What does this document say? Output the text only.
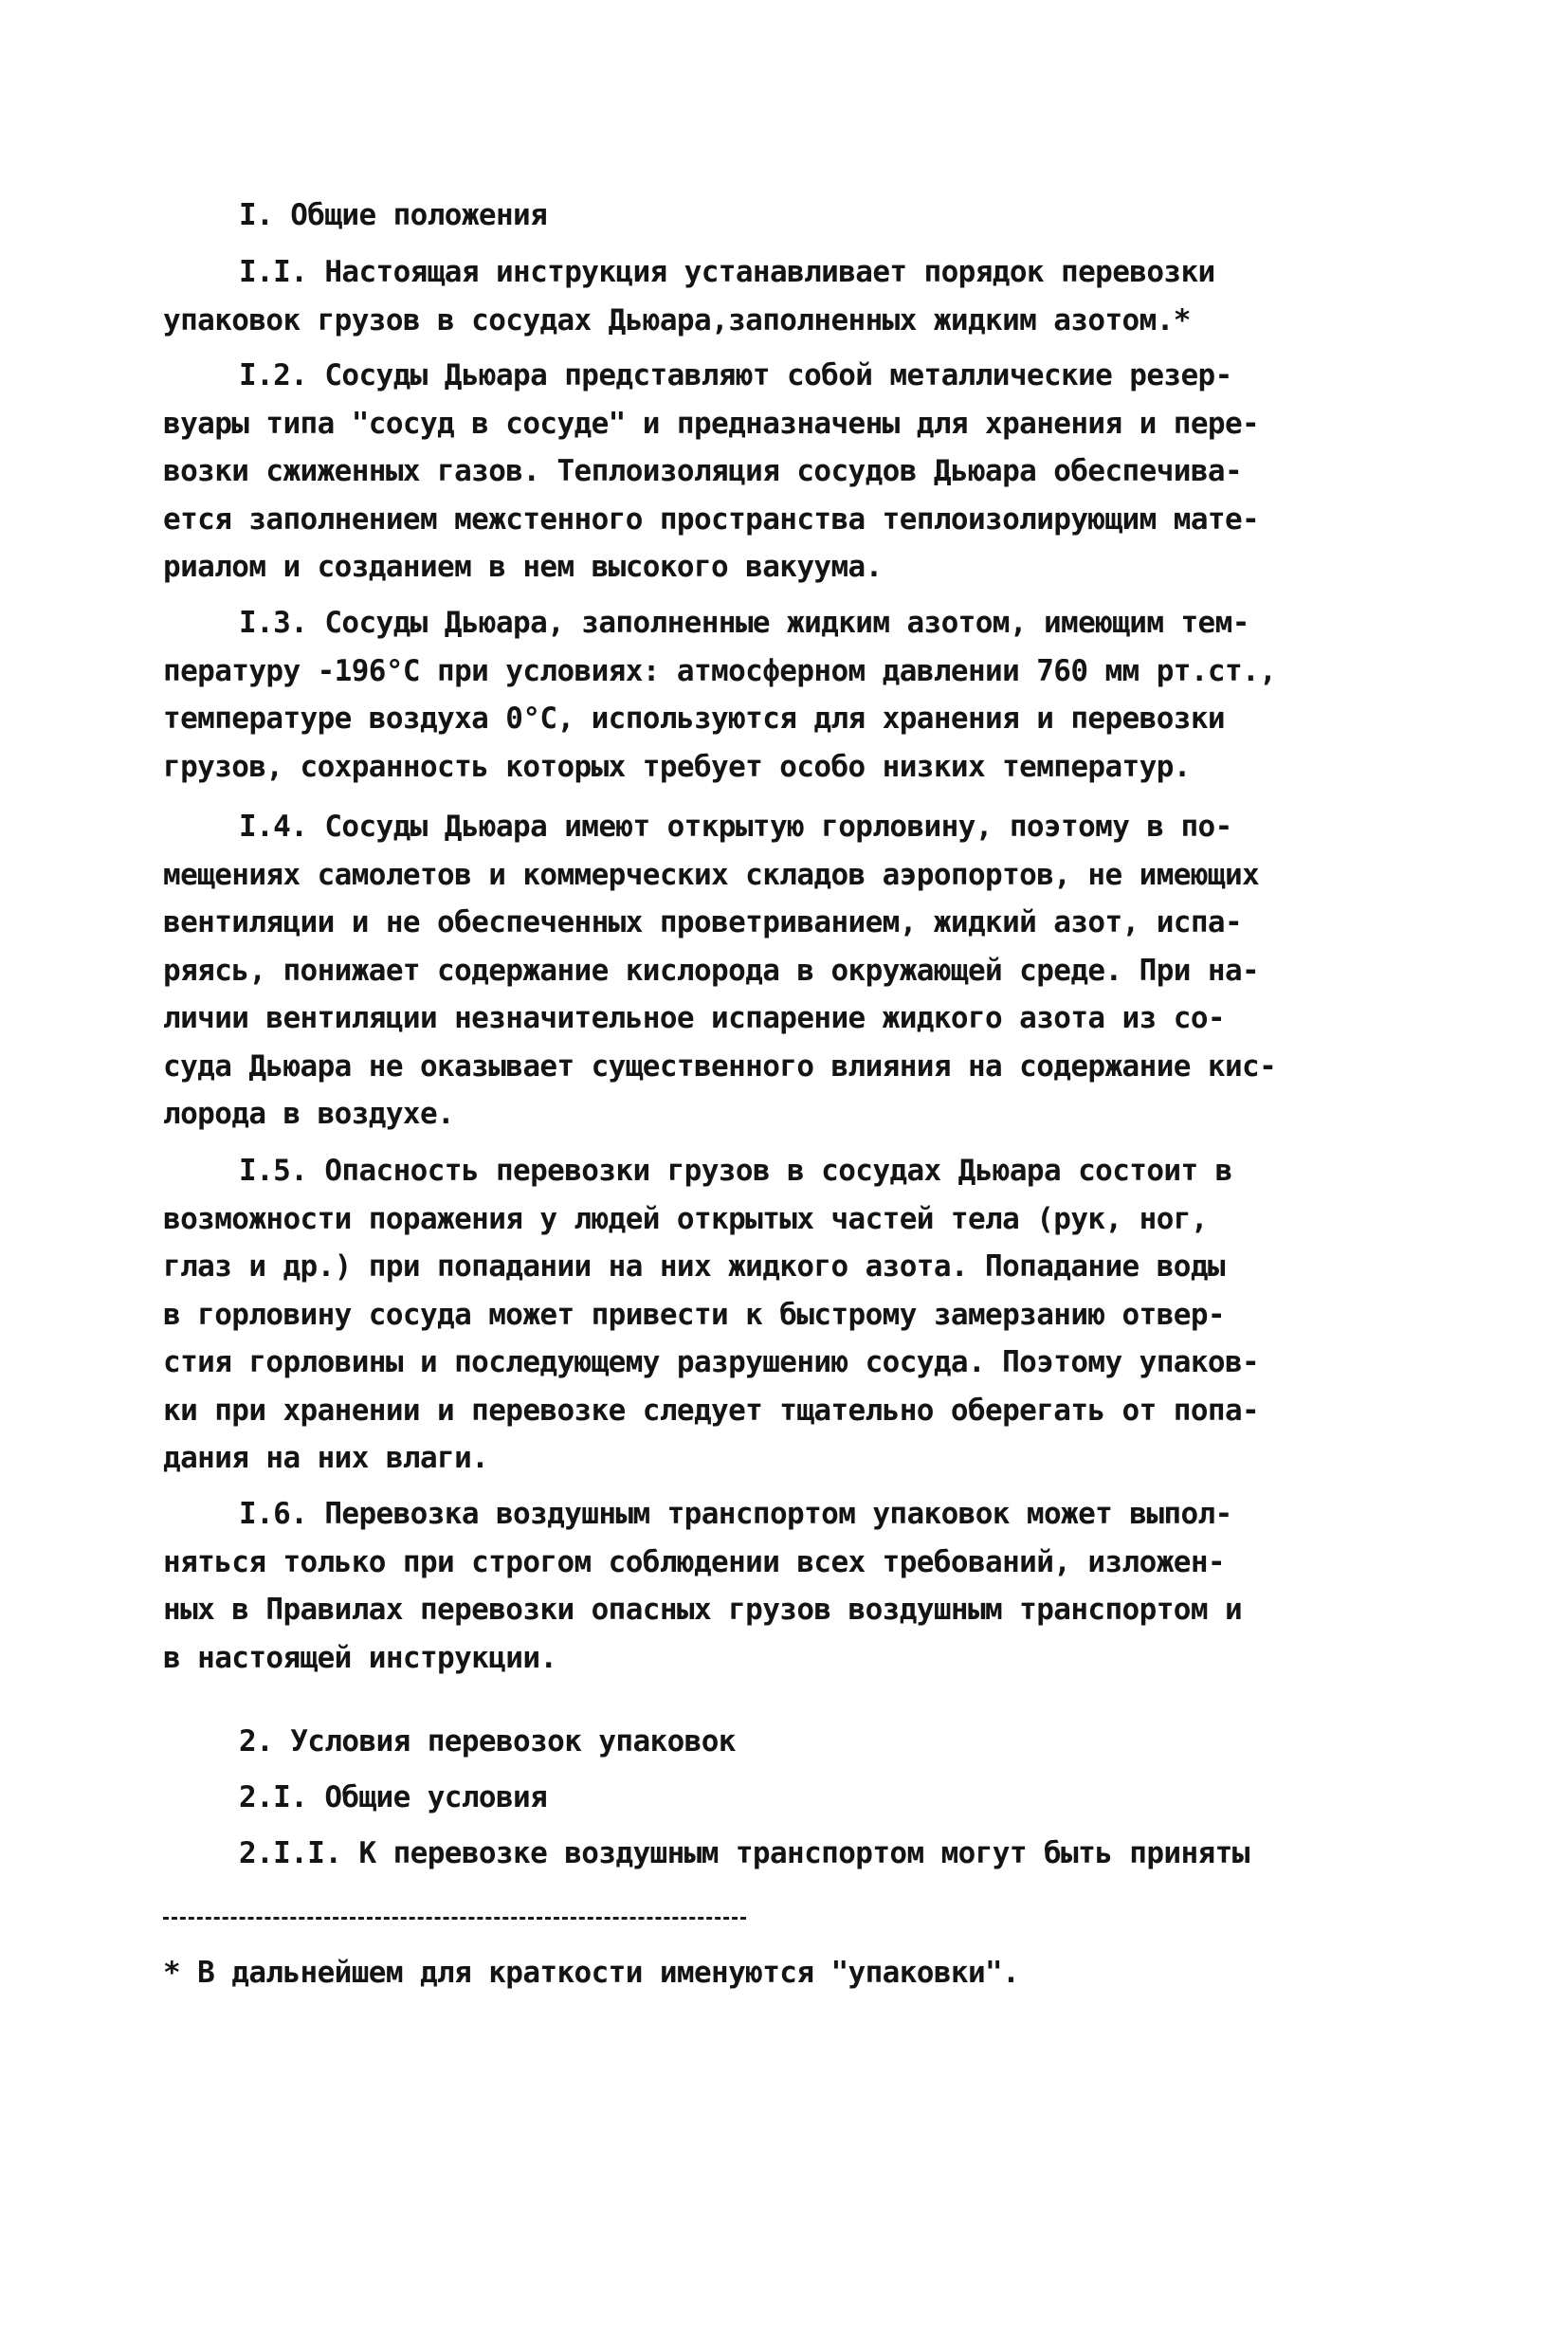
I. Общие положения
I.I. Настоящая инструкция устанавливает порядок перевозки
упаковок грузов в сосудах Дьюара,заполненных жидким азотом.*
I.2. Сосуды Дьюара представляют собой металлические резер-
вуары типа "сосуд в сосуде" и предназначены для хранения и пере-
возки сжиженных газов. Теплоизоляция сосудов Дьюара обеспечива-
ется заполнением межстенного пространства теплоизолирующим мате-
риалом и созданием в нем высокого вакуума.
I.3. Сосуды Дьюара, заполненные жидким азотом, имеющим тем-
пературу -196°C при условиях: атмосферном давлении 760 мм рт.ст.,
температуре воздуха 0°C, используются для хранения и перевозки
грузов, сохранность которых требует особо низких температур.
I.4. Сосуды Дьюара имеют открытую горловину, поэтому в по-
мещениях самолетов и коммерческих складов аэропортов, не имеющих
вентиляции и не обеспеченных проветриванием, жидкий азот, испа-
ряясь, понижает содержание кислорода в окружающей среде. При на-
личии вентиляции незначительное испарение жидкого азота из со-
суда Дьюара не оказывает существенного влияния на содержание кис-
лорода в воздухе.
I.5. Опасность перевозки грузов в сосудах Дьюара состоит в
возможности поражения у людей открытых частей тела (рук, ног,
глаз и др.) при попадании на них жидкого азота. Попадание воды
в горловину сосуда может привести к быстрому замерзанию отвер-
стия горловины и последующему разрушению сосуда. Поэтому упаков-
ки при хранении и перевозке следует тщательно оберегать от попа-
дания на них влаги.
I.6. Перевозка воздушным транспортом упаковок может выпол-
няться только при строгом соблюдении всех требований, изложен-
ных в Правилах перевозки опасных грузов воздушным транспортом и
в настоящей инструкции.
2. Условия перевозок упаковок
2.I. Общие условия
2.I.I. К перевозке воздушным транспортом могут быть приняты
* В дальнейшем для краткости именуются "упаковки".
